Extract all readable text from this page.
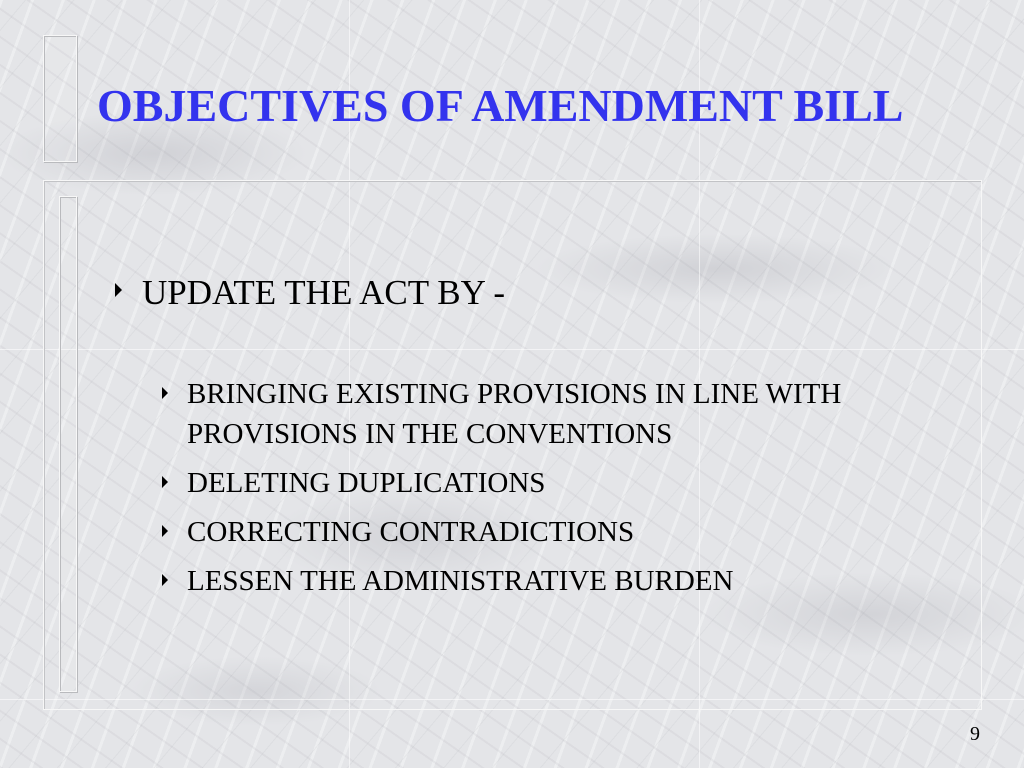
OBJECTIVES OF AMENDMENT BILL
UPDATE THE ACT BY -
BRINGING EXISTING PROVISIONS IN LINE WITH PROVISIONS IN THE CONVENTIONS
DELETING DUPLICATIONS
CORRECTING CONTRADICTIONS
LESSEN THE ADMINISTRATIVE BURDEN
9
